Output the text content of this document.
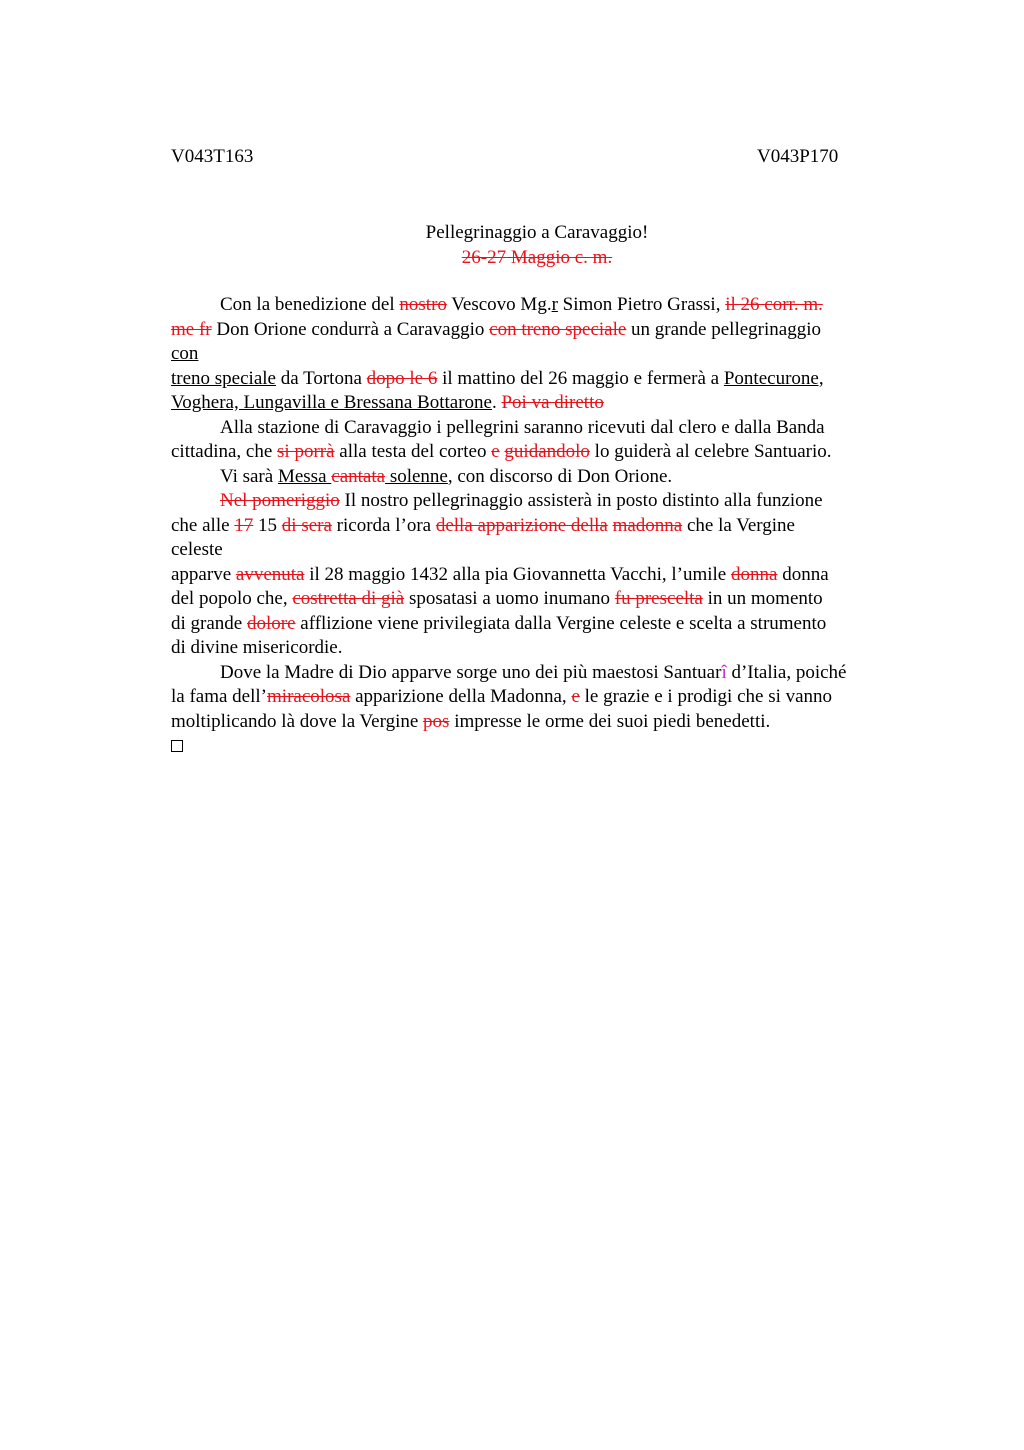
V043T163	V043P170
Pellegrinaggio a Caravaggio!
26-27 Maggio c. m.
Con la benedizione del nostro Vescovo Mg.r Simon Pietro Grassi, il 26 corr. m.
me fr Don Orione condurrà a Caravaggio con treno speciale un grande pellegrinaggio
con
treno speciale da Tortona dopo le 6 il mattino del 26 maggio e fermerà a Pontecurone,
Voghera, Lungavilla e Bressana Bottarone. Poi va diretto
Alla stazione di Caravaggio i pellegrini saranno ricevuti dal clero e dalla Banda
cittadina, che si porrà alla testa del corteo e guidandolo lo guiderà al celebre Santuario.
Vi sarà Messa cantata solenne, con discorso di Don Orione.
Nel pomeriggio Il nostro pellegrinaggio assisterà in posto distinto alla funzione
che alle 17 15 di sera ricorda l’ora della apparizione della madonna che la Vergine
celeste
apparve avvenuta il 28 maggio 1432 alla pia Giovannetta Vacchi, l’umile donna donna
del popolo che, costretta di già sposatasi a uomo inumano fu prescelta in un momento
di grande dolore afflizione viene privilegiata dalla Vergine celeste e scelta a strumento
di divine misericordie.
Dove la Madre di Dio apparve sorge uno dei più maestosi Santuarî d’Italia, poiché
la fama dell’miracolosa apparizione della Madonna, e le grazie e i prodigi che si vanno
moltiplicando là dove la Vergine pos impresse le orme dei suoi piedi benedetti.
